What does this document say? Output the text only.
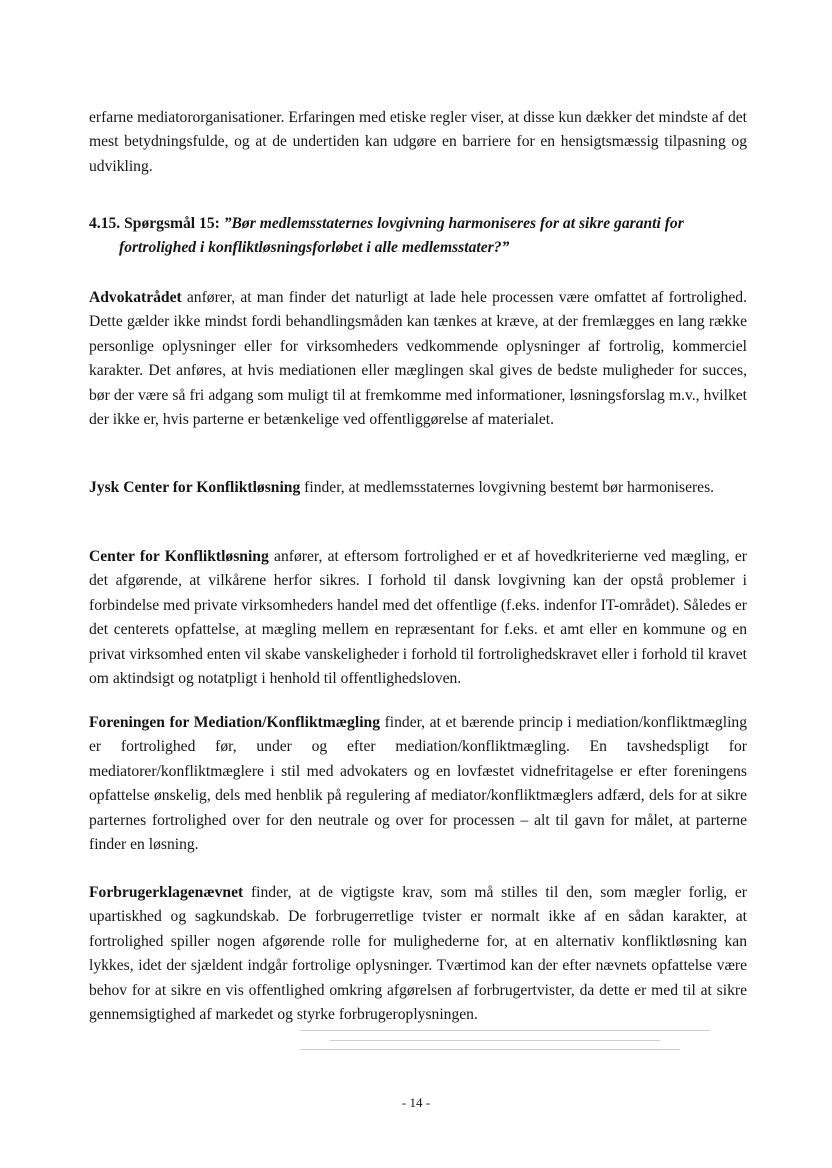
erfarne mediatororganisationer. Erfaringen med etiske regler viser, at disse kun dækker det mindste af det mest betydningsfulde, og at de undertiden kan udgøre en barriere for en hensigtsmæssig tilpasning og udvikling.

4.15. Spørgsmål 15: ”Bør medlemsstaternes lovgivning harmoniseres for at sikre garanti for
fortrolighed i konfliktløsningsforløbet i alle medlemsstater?”

Advokatrådet anfører, at man finder det naturligt at lade hele processen være omfattet af fortrolighed. Dette gælder ikke mindst fordi behandlingsmåden kan tænkes at kræve, at der fremlægges en lang række personlige oplysninger eller for virksomheders vedkommende oplysninger af fortrolig, kommerciel karakter. Det anføres, at hvis mediationen eller mæglingen skal gives de bedste muligheder for succes, bør der være så fri adgang som muligt til at fremkomme med informationer, løsningsforslag m.v., hvilket der ikke er, hvis parterne er betænkelige ved offentliggørelse af materialet.

Jysk Center for Konfliktløsning finder, at medlemsstaternes lovgivning bestemt bør harmoniseres.

Center for Konfliktløsning anfører, at eftersom fortrolighed er et af hovedkriterierne ved mægling, er det afgørende, at vilkårene herfor sikres. I forhold til dansk lovgivning kan der opstå problemer i forbindelse med private virksomheders handel med det offentlige (f.eks. indenfor IT-området). Således er det centerets opfattelse, at mægling mellem en repræsentant for f.eks. et amt eller en kommune og en privat virksomhed enten vil skabe vanskeligheder i forhold til fortrolighedskravet eller i forhold til kravet om aktindsigt og notatpligt i henhold til offentlighedsloven.

Foreningen for Mediation/Konfliktmægling finder, at et bærende princip i mediation/konfliktmægling er fortrolighed før, under og efter mediation/konfliktmægling. En tavshedspligt for mediatorer/konfliktmæglere i stil med advokaters og en lovfæstet vidnefritagelse er efter foreningens opfattelse ønskelig, dels med henblik på regulering af mediator/konfliktmæglers adfærd, dels for at sikre parternes fortrolighed over for den neutrale og over for processen – alt til gavn for målet, at parterne finder en løsning.

Forbrugerklagenævnet finder, at de vigtigste krav, som må stilles til den, som mægler forlig, er upartiskhed og sagkundskab. De forbrugerretlige tvister er normalt ikke af en sådan karakter, at fortrolighed spiller nogen afgørende rolle for mulighederne for, at en alternativ konfliktløsning kan lykkes, idet der sjældent indgår fortrolige oplysninger. Tværtimod kan der efter nævnets opfattelse være behov for at sikre en vis offentlighed omkring afgørelsen af forbrugertvister, da dette er med til at sikre gennemsigtighed af markedet og styrke forbrugeroplysningen.

- 14 -
